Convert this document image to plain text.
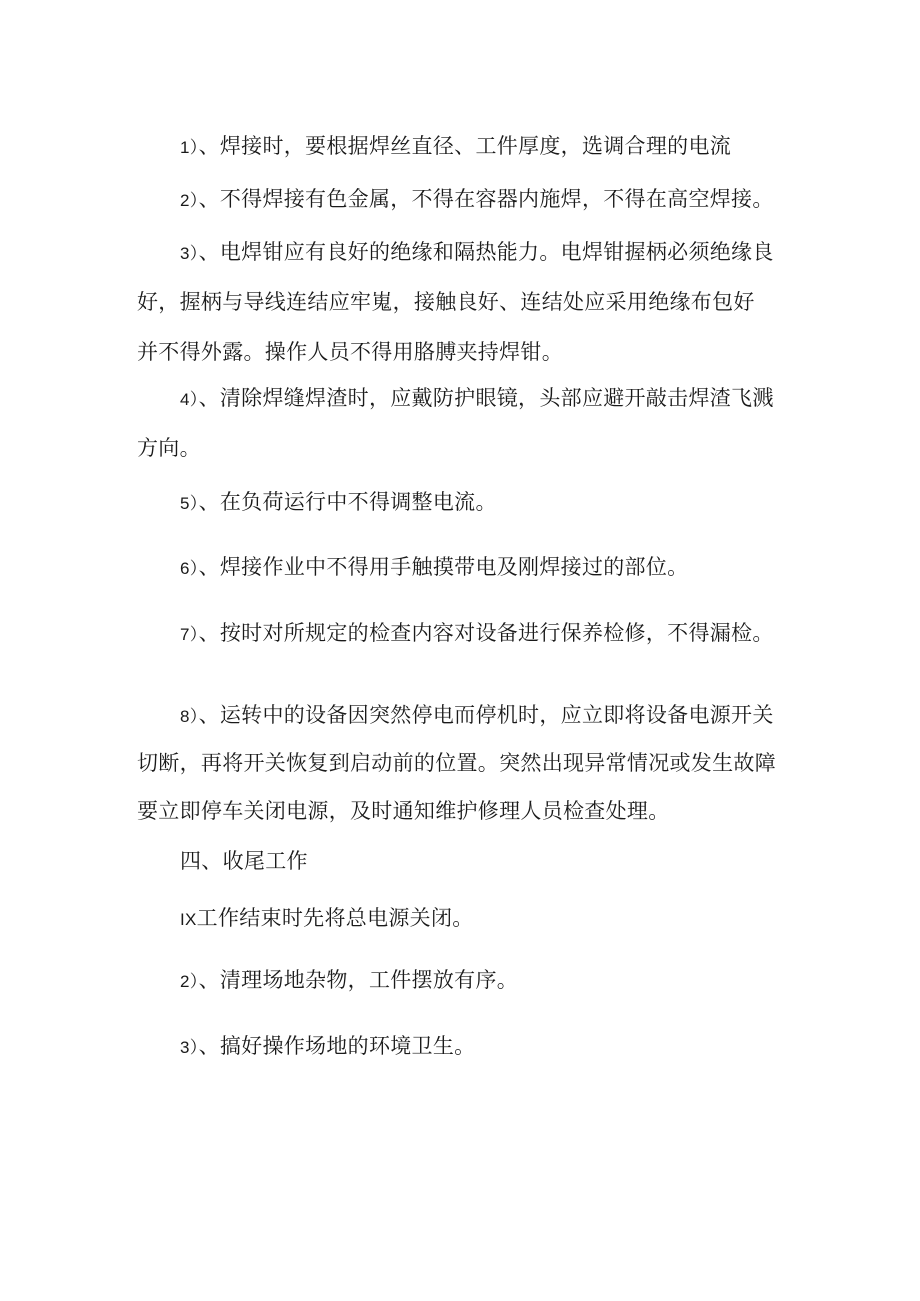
1）、焊接时，要根据焊丝直径、工件厚度，选调合理的电流
2）、不得焊接有色金属，不得在容器内施焊，不得在高空焊接。
3）、电焊钳应有良好的绝缘和隔热能力。电焊钳握柄必须绝缘良
好，握柄与导线连结应牢嵬，接触良好、连结处应采用绝缘布包好
并不得外露。操作人员不得用胳膊夹持焊钳。
4）、清除焊缝焊渣时，应戴防护眼镜，头部应避开敲击焊渣飞溅
方向。
5）、在负荷运行中不得调整电流。
6）、焊接作业中不得用手触摸带电及刚焊接过的部位。
7）、按时对所规定的检查内容对设备进行保养检修，不得漏检。
8）、运转中的设备因突然停电而停机时，应立即将设备电源开关
切断，再将开关恢复到启动前的位置。突然出现异常情况或发生故障
要立即停车关闭电源，及时通知维护修理人员检查处理。
四、收尾工作
IX工作结束时先将总电源关闭。
2）、清理场地杂物，工件摆放有序。
3）、搞好操作场地的环境卫生。
